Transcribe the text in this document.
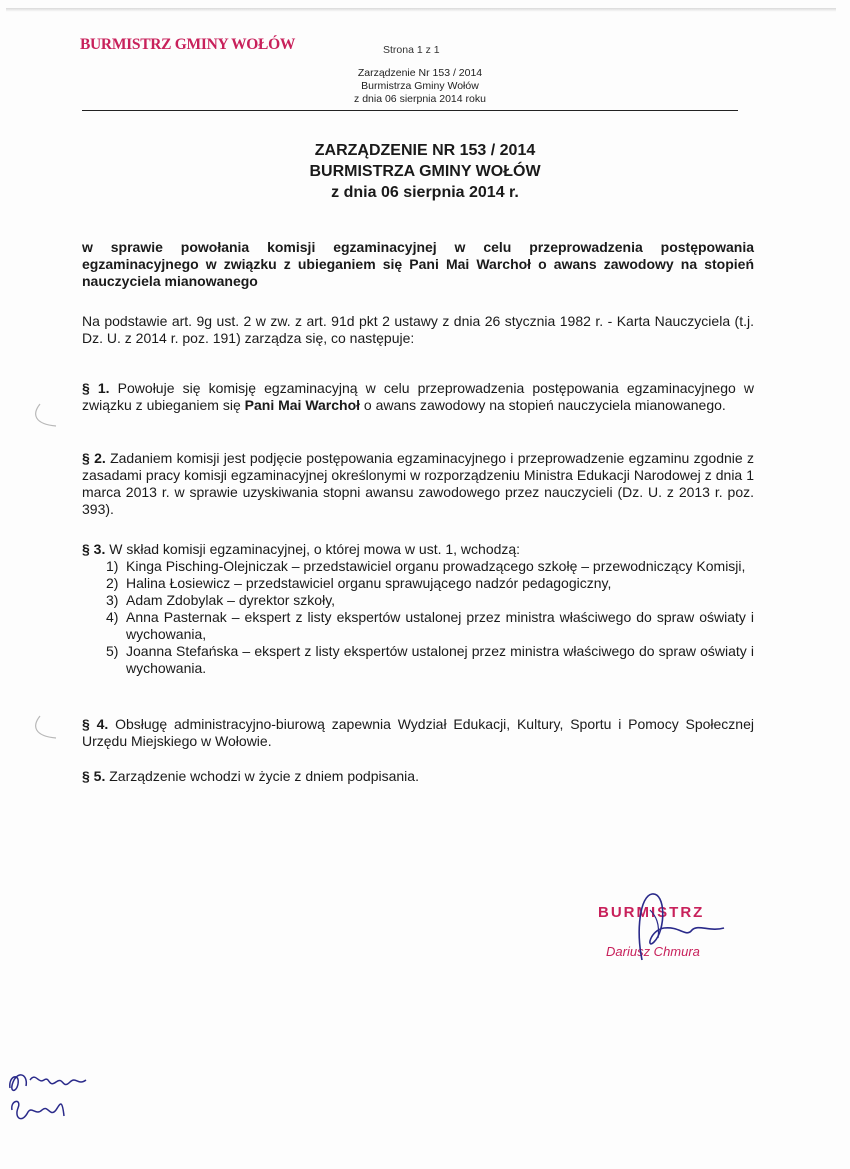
BURMISTRZ GMINY WOŁÓW	Strona 1 z 1
Zarządzenie Nr 153 / 2014
Burmistrza Gminy Wołów
z dnia 06 sierpnia 2014 roku
ZARZĄDZENIE NR 153 / 2014
BURMISTRZA GMINY WOŁÓW
z dnia 06 sierpnia 2014 r.
w sprawie powołania komisji egzaminacyjnej w celu przeprowadzenia postępowania egzaminacyjnego w związku z ubieganiem się Pani Mai Warchoł o awans zawodowy na stopień nauczyciela mianowanego
Na podstawie art. 9g ust. 2 w zw. z art. 91d pkt 2 ustawy z dnia 26 stycznia 1982 r. - Karta Nauczyciela (t.j. Dz. U. z 2014 r. poz. 191) zarządza się, co następuje:
§ 1. Powołuje się komisję egzaminacyjną w celu przeprowadzenia postępowania egzaminacyjnego w związku z ubieganiem się Pani Mai Warchoł o awans zawodowy na stopień nauczyciela mianowanego.
§ 2. Zadaniem komisji jest podjęcie postępowania egzaminacyjnego i przeprowadzenie egzaminu zgodnie z zasadami pracy komisji egzaminacyjnej określonymi w rozporządzeniu Ministra Edukacji Narodowej z dnia 1 marca 2013 r. w sprawie uzyskiwania stopni awansu zawodowego przez nauczycieli (Dz. U. z 2013 r. poz. 393).
§ 3. W skład komisji egzaminacyjnej, o której mowa w ust. 1, wchodzą:
1) Kinga Pisching-Olejniczak – przedstawiciel organu prowadzącego szkołę – przewodniczący Komisji,
2) Halina Łosiewicz – przedstawiciel organu sprawującego nadzór pedagogiczny,
3) Adam Zdobylak – dyrektor szkoły,
4) Anna Pasternak – ekspert z listy ekspertów ustalonej przez ministra właściwego do spraw oświaty i wychowania,
5) Joanna Stefańska – ekspert z listy ekspertów ustalonej przez ministra właściwego do spraw oświaty i wychowania.
§ 4. Obsługę administracyjno-biurową zapewnia Wydział Edukacji, Kultury, Sportu i Pomocy Społecznej Urzędu Miejskiego w Wołowie.
§ 5. Zarządzenie wchodzi w życie z dniem podpisania.
BURMISTRZ
Dariusz Chmura
